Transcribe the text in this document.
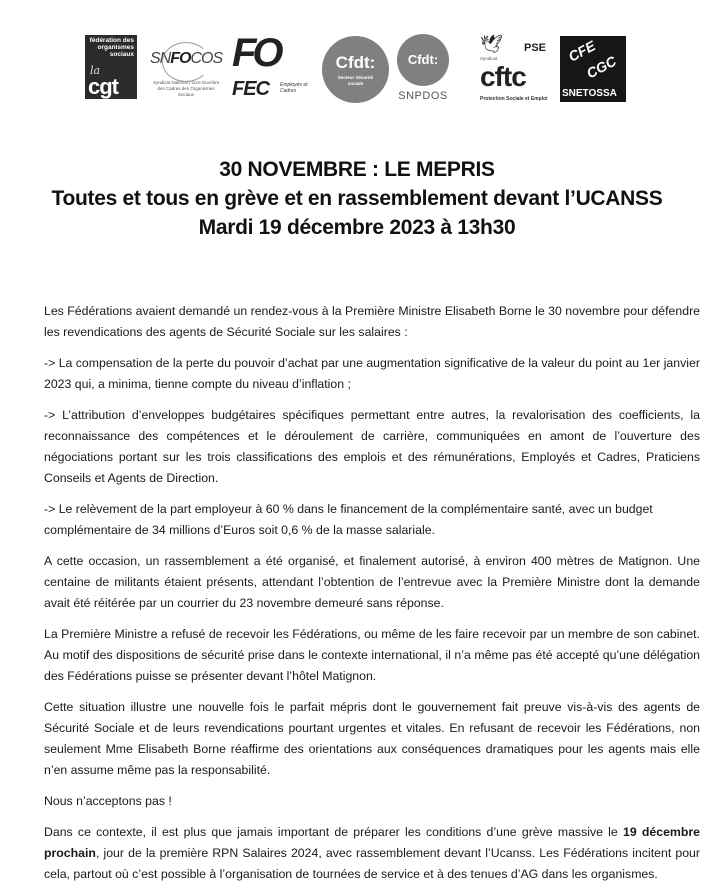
fédération des organismes sociaux
la
cgt
SNFOCOS
Syndicat National Force Ouvrière des Cadres des Organismes Sociaux
FO
FEC Employés et Cadres
Cfdt:
Secteur Sécurité sociale
Cfdt:
SNPDOS
🕊︎ PSE
Syndicat
cftc
Protection Sociale et Emploi
CFE
CGC
SNETOSSA
30 NOVEMBRE : LE MEPRIS
Toutes et tous en grève et en rassemblement devant l’UCANSS
Mardi 19 décembre 2023 à 13h30

Les Fédérations avaient demandé un rendez-vous à la Première Ministre Elisabeth Borne le 30 novembre pour défendre les revendications des agents de Sécurité Sociale sur les salaires :

-> La compensation de la perte du pouvoir d’achat par une augmentation significative de la valeur du point au 1er janvier 2023 qui, a minima, tienne compte du niveau d’inflation ;

-> L’attribution d’enveloppes budgétaires spécifiques permettant entre autres, la revalorisation des coefficients, la reconnaissance des compétences et le déroulement de carrière, communiquées en amont de l’ouverture des négociations portant sur les trois classifications des emplois et des rémunérations, Employés et Cadres, Praticiens Conseils et Agents de Direction.

-> Le relèvement de la part employeur à 60 % dans le financement de la complémentaire santé, avec un budget complémentaire de 34 millions d’Euros soit 0,6 % de la masse salariale.

A cette occasion, un rassemblement a été organisé, et finalement autorisé, à environ 400 mètres de Matignon. Une centaine de militants étaient présents, attendant l’obtention de l’entrevue avec la Première Ministre dont la demande avait été réitérée par un courrier du 23 novembre demeuré sans réponse.

La Première Ministre a refusé de recevoir les Fédérations, ou même de les faire recevoir par un membre de son cabinet. Au motif des dispositions de sécurité prise dans le contexte international, il n’a même pas été accepté qu’une délégation des Fédérations puisse se présenter devant l’hôtel Matignon.

Cette situation illustre une nouvelle fois le parfait mépris dont le gouvernement fait preuve vis-à-vis des agents de Sécurité Sociale et de leurs revendications pourtant urgentes et vitales. En refusant de recevoir les Fédérations, non seulement Mme Elisabeth Borne réaffirme des orientations aux conséquences dramatiques pour les agents mais elle n’en assume même pas la responsabilité.

Nous n’acceptons pas !

Dans ce contexte, il est plus que jamais important de préparer les conditions d’une grève massive le 19 décembre prochain, jour de la première RPN Salaires 2024, avec rassemblement devant l’Ucanss. Les Fédérations incitent pour cela, partout où c’est possible à l’organisation de tournées de service et à des tenues d’AG dans les organismes.
